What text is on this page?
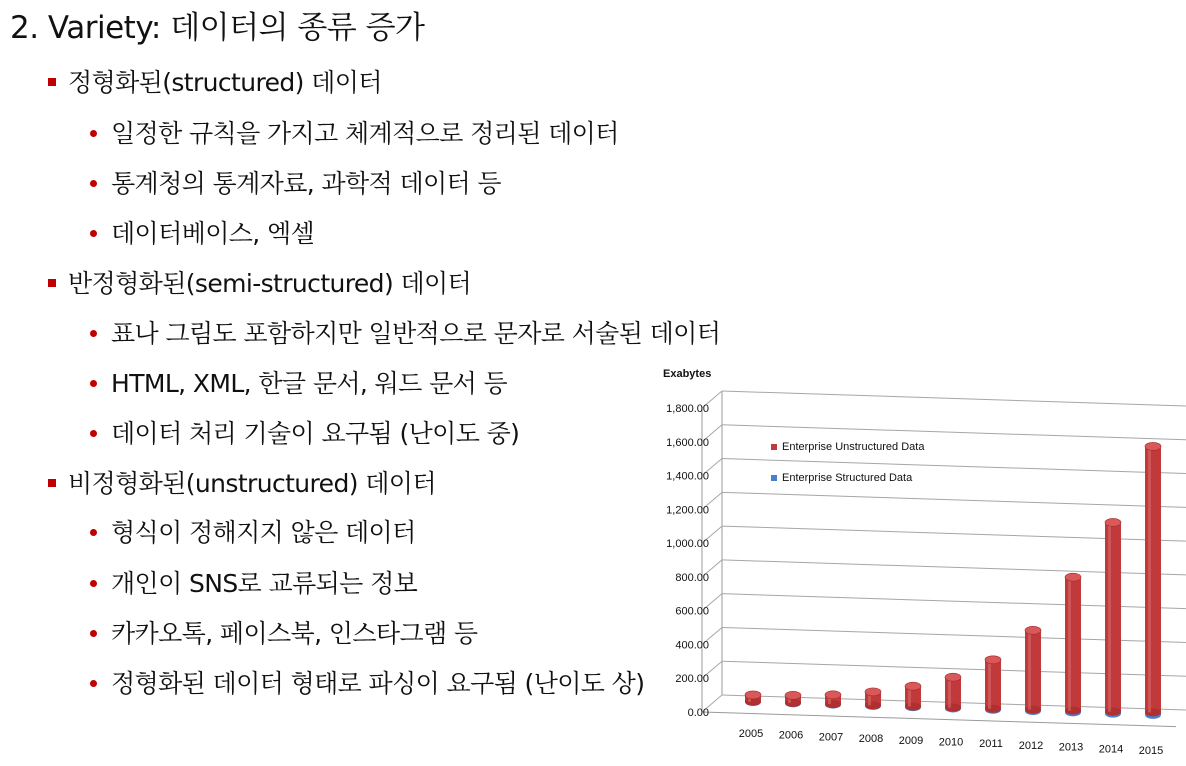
2. Variety: 데이터의 종류 증가
정형화된(structured) 데이터
일정한 규칙을 가지고 체계적으로 정리된 데이터
통계청의 통계자료, 과학적 데이터 등
데이터베이스, 엑셀
반정형화된(semi-structured) 데이터
표나 그림도 포함하지만 일반적으로 문자로 서술된 데이터
HTML, XML, 한글 문서, 워드 문서 등
데이터 처리 기술이 요구됨 (난이도 중)
비정형화된(unstructured) 데이터
형식이 정해지지 않은 데이터
개인이 SNS로 교류되는 정보
카카오톡, 페이스북, 인스타그램 등
정형화된 데이터 형태로 파싱이 요구됨 (난이도 상)
0.00
200.00
400.00
600.00
800.00
1,000.00
1,200.00
1,400.00
1,600.00
1,800.00
2005 2006 2007 2008 2009 2010 2011 2012 2013 2014 2015
Enterprise Unstructured Data
Enterprise Structured Data
Exabytes
